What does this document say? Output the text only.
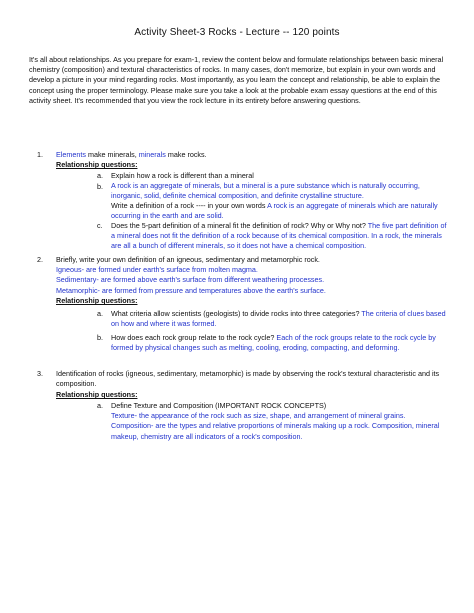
Activity Sheet-3 Rocks - Lecture -- 120 points
It's all about relationships. As you prepare for exam-1, review the content below and formulate relationships between basic mineral chemistry (composition) and textural characteristics of rocks. In many cases, don't memorize, but explain in your own words and develop a picture in your mind regarding rocks. Most importantly, as you learn the concept and relationship, be able to explain the concept using the proper terminology. Please make sure you take a look at the probable exam essay questions at the end of this activity sheet. It's recommended that you view the rock lecture in its entirety before answering questions.
1. Elements make minerals, minerals make rocks.
Relationship questions:
a. Explain how a rock is different than a mineral
A rock is an aggregate of minerals, but a mineral is a pure substance which is naturally occurring, inorganic, solid, definite chemical composition, and definite crystalline structure.
b.
Write a definition of a rock ---- in your own words A rock is an aggregate of minerals which are naturally occurring in the earth and are solid.
c. Does the 5-part definition of a mineral fit the definition of rock? Why or Why not? The five part definition of a mineral does not fit the definition of a rock because of its chemical composition. In a rock, the minerals are all a bunch of different minerals, so it does not have a chemical composition.
2. Briefly, write your own definition of an igneous, sedimentary and metamorphic rock.
Igneous- are formed under earth's surface from molten magma.
Sedimentary- are formed above earth's surface from different weathering processes.
Metamorphic- are formed from pressure and temperatures above the earth's surface.
Relationship questions:
a. What criteria allow scientists (geologists) to divide rocks into three categories? The criteria of clues based on how and where it was formed.
b. How does each rock group relate to the rock cycle? Each of the rock groups relate to the rock cycle by formed by physical changes such as melting, cooling, eroding, compacting, and deforming.
3. Identification of rocks (igneous, sedimentary, metamorphic) is made by observing the rock's textural characteristic and its composition.
Relationship questions:
a. Define Texture and Composition (IMPORTANT ROCK CONCEPTS)
Texture- the appearance of the rock such as size, shape, and arrangement of mineral grains.
Composition- are the types and relative proportions of minerals making up a rock. Composition, mineral makeup, chemistry are all indicators of a rock's composition.
